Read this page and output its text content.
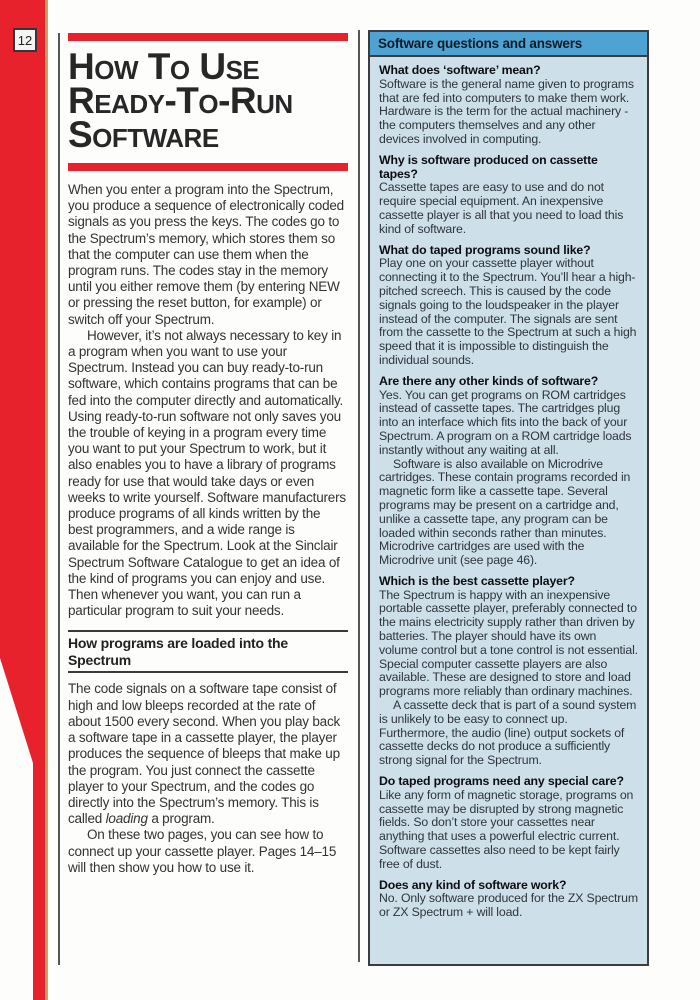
12
How To Use
Ready-To-Run
Software

When you enter a program into the Spectrum, you produce a sequence of electronically coded signals as you press the keys. The codes go to the Spectrum’s memory, which stores them so that the computer can use them when the program runs. The codes stay in the memory until you either remove them (by entering NEW or pressing the reset button, for example) or switch off your Spectrum.

However, it’s not always necessary to key in a program when you want to use your Spectrum. Instead you can buy ready-to-run software, which contains programs that can be fed into the computer directly and automatically. Using ready-to-run software not only saves you the trouble of keying in a program every time you want to put your Spectrum to work, but it also enables you to have a library of programs ready for use that would take days or even weeks to write yourself. Software manufacturers produce programs of all kinds written by the best programmers, and a wide range is available for the Spectrum. Look at the Sinclair Spectrum Software Catalogue to get an idea of the kind of programs you can enjoy and use. Then whenever you want, you can run a particular program to suit your needs.

How programs are loaded into the Spectrum

The code signals on a software tape consist of high and low bleeps recorded at the rate of about 1500 every second. When you play back a software tape in a cassette player, the player produces the sequence of bleeps that make up the program. You just connect the cassette player to your Spectrum, and the codes go directly into the Spectrum’s memory. This is called loading a program.

On these two pages, you can see how to connect up your cassette player. Pages 14–15 will then show you how to use it.

Software questions and answers

What does ‘software’ mean?

Software is the general name given to programs that are fed into computers to make them work. Hardware is the term for the actual machinery - the computers themselves and any other devices involved in computing.

Why is software produced on cassette tapes?

Cassette tapes are easy to use and do not require special equipment. An inexpensive cassette player is all that you need to load this kind of software.

What do taped programs sound like?

Play one on your cassette player without connecting it to the Spectrum. You’ll hear a high-pitched screech. This is caused by the code signals going to the loudspeaker in the player instead of the computer. The signals are sent from the cassette to the Spectrum at such a high speed that it is impossible to distinguish the individual sounds.

Are there any other kinds of software?

Yes. You can get programs on ROM cartridges instead of cassette tapes. The cartridges plug into an interface which fits into the back of your Spectrum. A program on a ROM cartridge loads instantly without any waiting at all.

Software is also available on Microdrive cartridges. These contain programs recorded in magnetic form like a cassette tape. Several programs may be present on a cartridge and, unlike a cassette tape, any program can be loaded within seconds rather than minutes. Microdrive cartridges are used with the Microdrive unit (see page 46).

Which is the best cassette player?

The Spectrum is happy with an inexpensive portable cassette player, preferably connected to the mains electricity supply rather than driven by batteries. The player should have its own volume control but a tone control is not essential. Special computer cassette players are also available. These are designed to store and load programs more reliably than ordinary machines.

A cassette deck that is part of a sound system is unlikely to be easy to connect up. Furthermore, the audio (line) output sockets of cassette decks do not produce a sufficiently strong signal for the Spectrum.

Do taped programs need any special care?

Like any form of magnetic storage, programs on cassette may be disrupted by strong magnetic fields. So don’t store your cassettes near anything that uses a powerful electric current. Software cassettes also need to be kept fairly free of dust.

Does any kind of software work?

No. Only software produced for the ZX Spectrum or ZX Spectrum + will load.
